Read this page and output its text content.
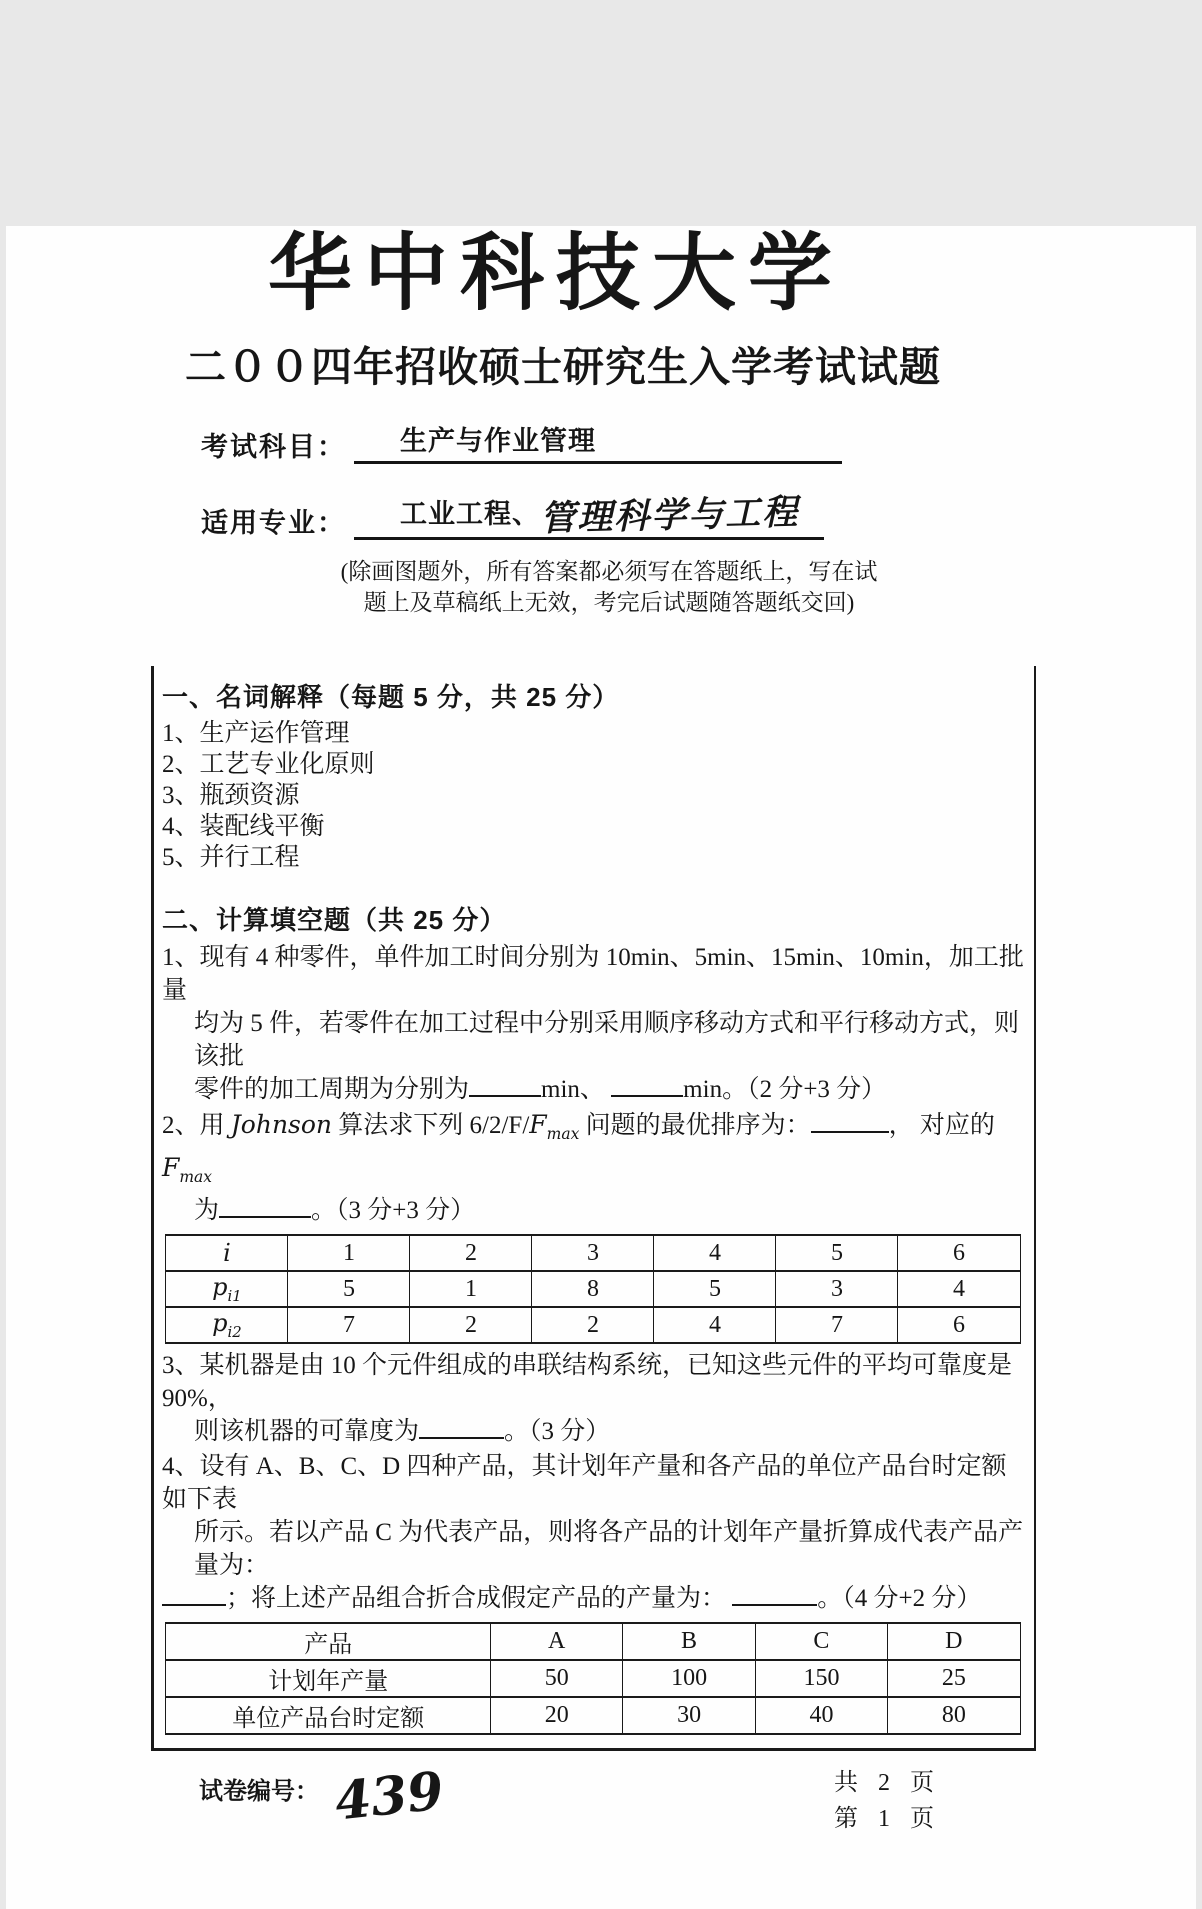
华中科技大学
二００四年招收硕士研究生入学考试试题
考试科目： 生产与作业管理
适用专业： 工业工程、管理科学与工程
(除画图题外，所有答案都必须写在答题纸上，写在试
题上及草稿纸上无效，考完后试题随答题纸交回)
一、名词解释（每题 5 分，共 25 分）
1、生产运作管理
2、工艺专业化原则
3、瓶颈资源
4、装配线平衡
5、并行工程
二、计算填空题（共 25 分）
1、现有 4 种零件，单件加工时间分别为 10min、5min、15min、10min，加工批量
均为 5 件，若零件在加工过程中分别采用顺序移动方式和平行移动方式，则该批
零件的加工周期为分别为	min、	min。（2 分+3 分）
2、用 Johnson 算法求下列 $6/2/F/F_{max}$ 问题的最优排序为：	， 对应的 $F_{max}$
为	。（3 分+3 分）
i	1	2	3	4	5	6
$p_{i1}$	5	1	8	5	3	4
$p_{i2}$	7	2	2	4	7	6
3、某机器是由 10 个元件组成的串联结构系统，已知这些元件的平均可靠度是 90%，
则该机器的可靠度为	。（3 分）
4、设有 A、B、C、D 四种产品，其计划年产量和各产品的单位产品台时定额如下表
所示。若以产品 C 为代表产品，则将各产品的计划年产量折算成代表产品产量为：
；将上述产品组合折合成假定产品的产量为：	。（4 分+2 分）
产品	A	B	C	D
计划年产量	50	100	150	25
单位产品台时定额	20	30	40	80
试卷编号： 439	共 2 页
第 1 页
